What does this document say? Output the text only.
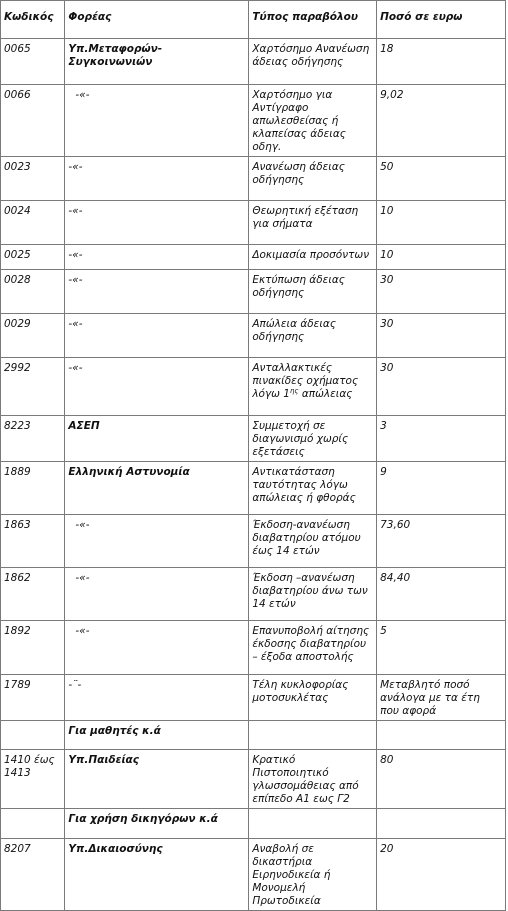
Κωδικός	Φορέας	Τύπος παραβόλου	Ποσό σε ευρω
0065	Υπ.Μεταφορών-Συγκοινωνιών	Χαρτόσημο Ανανέωση άδειας οδήγησης	18
0066	-«-	Χαρτόσημο για Αντίγραφο απωλεσθείσας ή κλαπείσας άδειας οδηγ.	9,02
0023	-«-	Ανανέωση άδειας οδήγησης	50
0024	-«-	Θεωρητική εξέταση για σήματα	10
0025	-«-	Δοκιμασία προσόντων	10
0028	-«-	Εκτύπωση άδειας οδήγησης	30
0029	-«-	Απώλεια άδειας οδήγησης	30
2992	-«-	Ανταλλακτικές πινακίδες οχήματος λόγω $1^{\eta\varsigma}$ απώλειας	30
8223	ΑΣΕΠ	Συμμετοχή σε διαγωνισμό χωρίς εξετάσεις	3
1889	Ελληνική Αστυνομία	Αντικατάσταση ταυτότητας λόγω απώλειας ή φθοράς	9
1863	-«-	Έκδοση-ανανέωση διαβατηρίου ατόμου έως 14 ετών	73,60
1862	-«-	Έκδοση –ανανέωση διαβατηρίου άνω των 14 ετών	84,40
1892	-«-	Επανυποβολή αίτησης έκδοσης διαβατηρίου – έξοδα αποστολής	5
1789	-¨-	Τέλη κυκλοφορίας μοτοσυκλέτας	Μεταβλητό ποσό ανάλογα με τα έτη που αφορά
	Για μαθητές κ.ά		
1410 έως 1413	Υπ.Παιδείας	Κρατικό Πιστοποιητικό γλωσσομάθειας από επίπεδο Α1 εως Γ2	80
	Για χρήση δικηγόρων κ.ά		
8207	Υπ.Δικαιοσύνης	Αναβολή σε δικαστήρια Ειρηνοδικεία ή Μονομελή Πρωτοδικεία	20
